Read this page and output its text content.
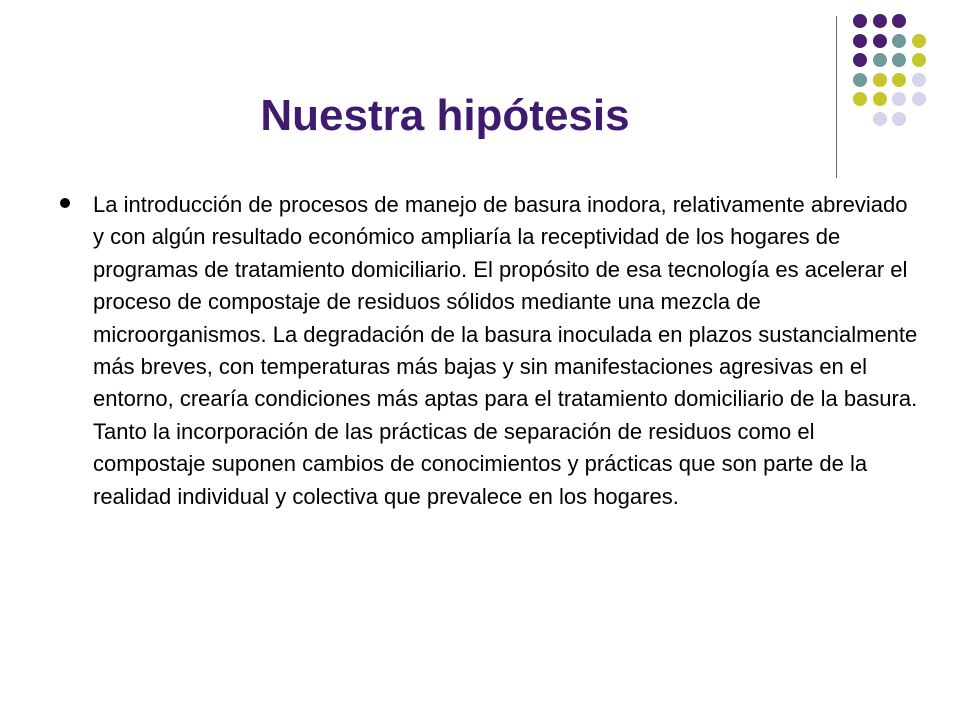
Nuestra hipótesis
La introducción de procesos de manejo de basura inodora, relativamente abreviado y con algún resultado económico ampliaría la receptividad de los hogares de programas de tratamiento domiciliario. El propósito de esa tecnología es acelerar el proceso de compostaje de residuos sólidos mediante una mezcla de microorganismos. La degradación de la basura inoculada en plazos sustancialmente más breves, con temperaturas más bajas y sin manifestaciones agresivas en el entorno, crearía condiciones más aptas para el tratamiento domiciliario de la basura. Tanto la incorporación de las prácticas de separación de residuos como el compostaje suponen cambios de conocimientos y prácticas que son parte de la realidad individual y colectiva que prevalece en los hogares.
